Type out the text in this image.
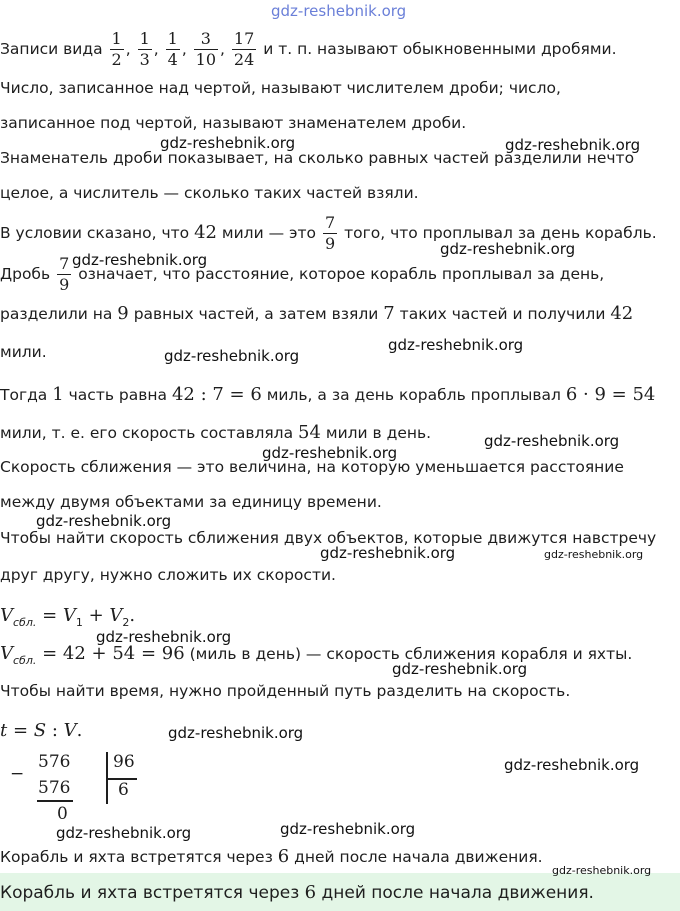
gdz-reshebnik.org
Записи вида $\frac{1}{2}$ , $\frac{1}{3}$ , $\frac{1}{4}$ , $\frac{3}{10}$ , $\frac{17}{24}$ и т. п. называют обыкновенными дробями.
Число, записанное над чертой, называют числителем дроби; число,
записанное под чертой, называют знаменателем дроби.
Знаменатель дроби показывает, на сколько равных частей разделили нечто
целое, а числитель — сколько таких частей взяли.
В условии сказано, что 42 мили — это $\frac{7}{9}$ того, что проплывал за день корабль.
Дробь $\frac{7}{9}$ означает, что расстояние, которое корабль проплывал за день,
разделили на 9 равных частей, а затем взяли 7 таких частей и получили 42
мили.
Тогда 1 часть равна 42 : 7 = 6 миль, а за день корабль проплывал 6 · 9 = 54
мили, т. е. его скорость составляла 54 мили в день.
Скорость сближения — это величина, на которую уменьшается расстояние
между двумя объектами за единицу времени.
Чтобы найти скорость сближения двух объектов, которые движутся навстречу
друг другу, нужно сложить их скорости.
$V_{сбл.} = V_1 + V_2$.
$V_{сбл.} = 42 + 54 = 96$ (миль в день) — скорость сближения корабля и яхты.
Чтобы найти время, нужно пройденный путь разделить на скорость.
t = S : V.
−
576
576
0
96
6
Корабль и яхта встретятся через 6 дней после начала движения.
Корабль и яхта встретятся через 6 дней после начала движения.
gdz-reshebnik.org	gdz-reshebnik.org
gdz-reshebnik.org
gdz-reshebnik.org
gdz-reshebnik.org
gdz-reshebnik.org
gdz-reshebnik.org
gdz-reshebnik.org
gdz-reshebnik.org
gdz-reshebnik.org	gdz-reshebnik.org
gdz-reshebnik.org
gdz-reshebnik.org
gdz-reshebnik.org
gdz-reshebnik.org
gdz-reshebnik.org	gdz-reshebnik.org
gdz-reshebnik.org
